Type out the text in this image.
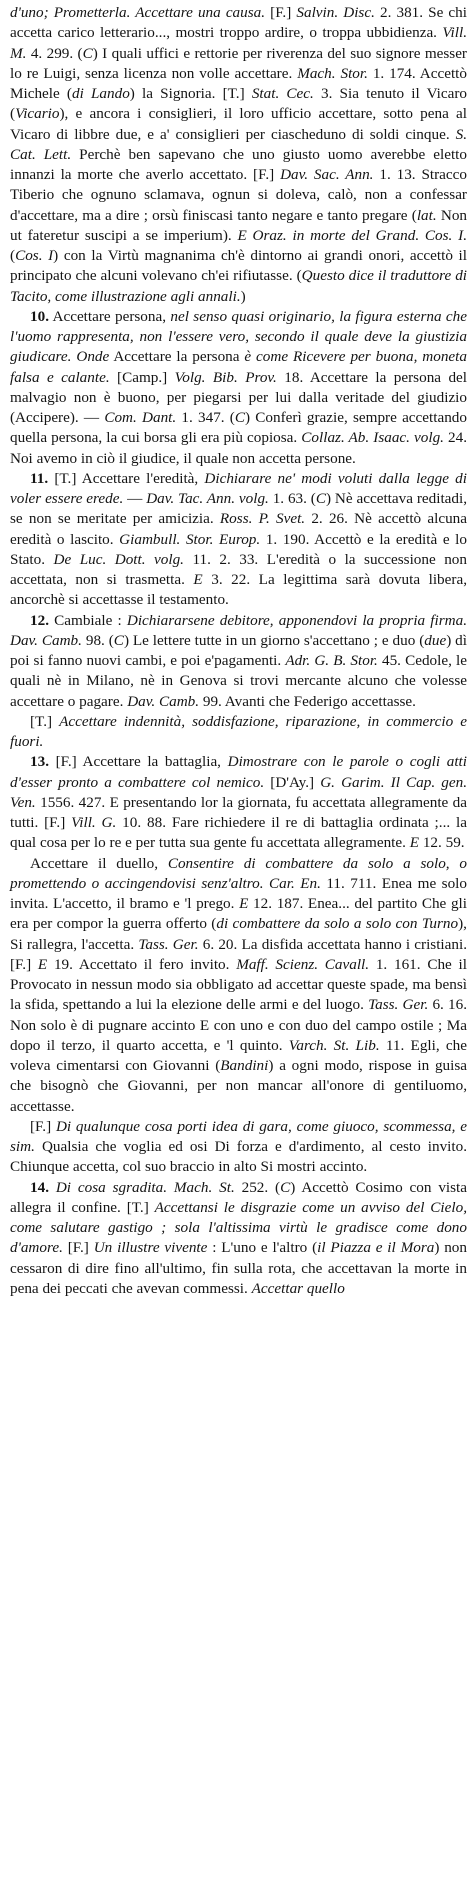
d'uno; Prometterla. Accettare una causa. [F.] Salvin. Disc. 2. 381. Se chi accetta carico letterario..., mostri troppo ardire, o troppa ubbidienza. Vill. M. 4. 299. (C) I quali uffici e rettorie per riverenza del suo signore messer lo re Luigi, senza licenza non volle accettare. Mach. Stor. 1. 174. Accettò Michele (di Lando) la Signoria. [T.] Stat. Cec. 3. Sia tenuto il Vicaro (Vicario), e ancora i consiglieri, il loro ufficio accettare, sotto pena al Vicaro di libbre due, e a' consiglieri per ciascheduno di soldi cinque. S. Cat. Lett. Perchè ben sapevano che uno giusto uomo averebbe eletto innanzi la morte che averlo accettato. [F.] Dav. Sac. Ann. 1. 13. Stracco Tiberio che ognuno sclamava, ognun si doleva, calò, non a confessar d'accettare, ma a dire ; orsù finiscasi tanto negare e tanto pregare (lat. Non ut fateretur suscipi a se imperium). E Oraz. in morte del Grand. Cos. I. (Cos. I) con la Virtù magnanima ch'è dintorno ai grandi onori, accettò il principato che alcuni volevano ch'ei rifiutasse. (Questo dice il traduttore di Tacito, come illustrazione agli annali.)

10. Accettare persona, nel senso quasi originario, la figura esterna che l'uomo rappresenta, non l'essere vero, secondo il quale deve la giustizia giudicare. Onde Accettare la persona è come Ricevere per buona, moneta falsa e calante. [Camp.] Volg. Bib. Prov. 18. Accettare la persona del malvagio non è buono, per piegarsi per lui dalla veritade del giudizio (Accipere). — Com. Dant. 1. 347. (C) Conferì grazie, sempre accettando quella persona, la cui borsa gli era più copiosa. Collaz. Ab. Isaac. volg. 24. Noi avemo in ciò il giudice, il quale non accetta persone.

11. [T.] Accettare l'eredità, Dichiarare ne' modi voluti dalla legge di voler essere erede. — Dav. Tac. Ann. volg. 1. 63. (C) Nè accettava reditadi, se non se meritate per amicizia. Ross. P. Svet. 2. 26. Nè accettò alcuna eredità o lascito. Giambull. Stor. Europ. 1. 190. Accettò e la eredità e lo Stato. De Luc. Dott. volg. 11. 2. 33. L'eredità o la successione non accettata, non si trasmetta. E 3. 22. La legittima sarà dovuta libera, ancorchè si accettasse il testamento.

12. Cambiale : Dichiararsene debitore, apponendovi la propria firma. Dav. Camb. 98. (C) Le lettere tutte in un giorno s'accettano ; e duo (due) dì poi si fanno nuovi cambi, e poi e'pagamenti. Adr. G. B. Stor. 45. Cedole, le quali nè in Milano, nè in Genova si trovi mercante alcuno che volesse accettare o pagare. Dav. Camb. 99. Avanti che Federigo accettasse.

[T.] Accettare indennità, soddisfazione, riparazione, in commercio e fuori.

13. [F.] Accettare la battaglia, Dimostrare con le parole o cogli atti d'esser pronto a combattere col nemico. [D'Ay.] G. Garim. Il Cap. gen. Ven. 1556. 427. E presentando lor la giornata, fu accettata allegramente da tutti. [F.] Vill. G. 10. 88. Fare richiedere il re di battaglia ordinata ;... la qual cosa per lo re e per tutta sua gente fu accettata allegramente. E 12. 59.

Accettare il duello, Consentire di combattere da solo a solo, o promettendo o accingendovisi senz'altro. Car. En. 11. 711. Enea me solo invita. L'accetto, il bramo e 'l prego. E 12. 187. Enea... del partito Che gli era per compor la guerra offerto (di combattere da solo a solo con Turno), Si rallegra, l'accetta. Tass. Ger. 6. 20. La disfida accettata hanno i cristiani. [F.] E 19. Accettato il fero invito. Maff. Scienz. Cavall. 1. 161. Che il Provocato in nessun modo sia obbligato ad accettar queste spade, ma bensì la sfida, spettando a lui la elezione delle armi e del luogo. Tass. Ger. 6. 16. Non solo è di pugnare accinto E con uno e con duo del campo ostile ; Ma dopo il terzo, il quarto accetta, e 'l quinto. Varch. St. Lib. 11. Egli, che voleva cimentarsi con Giovanni (Bandini) a ogni modo, rispose in guisa che bisognò che Giovanni, per non mancar all'onore di gentiluomo, accettasse.

[F.] Di qualunque cosa porti idea di gara, come giuoco, scommessa, e sim. Qualsia che voglia ed osi Di forza e d'ardimento, al cesto invito. Chiunque accetta, col suo braccio in alto Si mostri accinto.

14. Di cosa sgradita. Mach. St. 252. (C) Accettò Cosimo con vista allegra il confine. [T.] Accettansi le disgrazie come un avviso del Cielo, come salutare gastigo ; sola l'altissima virtù le gradisce come dono d'amore. [F.] Un illustre vivente : L'uno e l'altro (il Piazza e il Mora) non cessaron di dire fino all'ultimo, fin sulla rota, che accettavan la morte in pena dei peccati che avevan commessi. Accettar quello
